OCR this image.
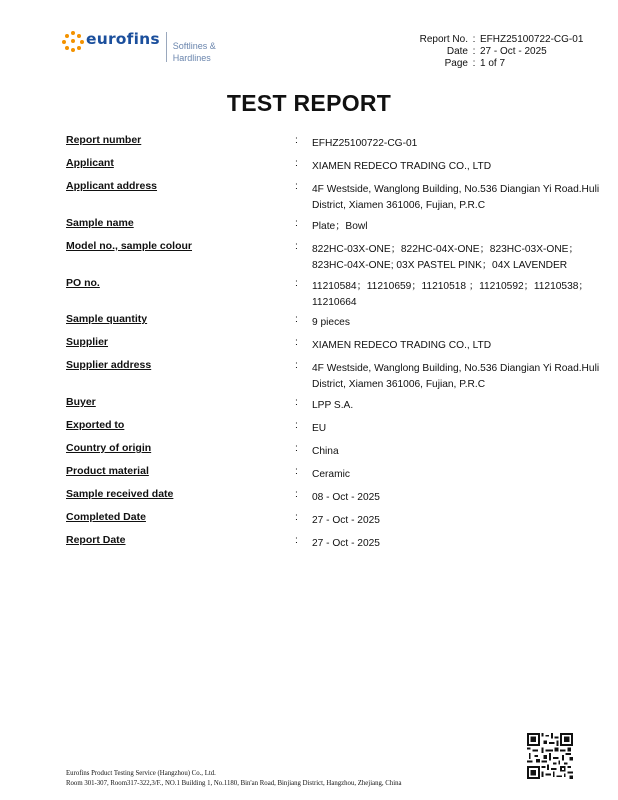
eurofins Softlines &
Hardlines
Report No. : EFHZ25100722-CG-01
Date : 27 - Oct - 2025
Page : 1 of 7
TEST REPORT
Report number	: EFHZ25100722-CG-01
Applicant	: XIAMEN REDECO TRADING CO., LTD
Applicant address	: 4F Westside, Wanglong Building, No.536 Diangian Yi Road.Huli District, Xiamen 361006, Fujian, P.R.C
Sample name	: Plate；Bowl
Model no., sample colour	: 822HC-03X-ONE；822HC-04X-ONE；823HC-03X-ONE；823HC-04X-ONE; 03X PASTEL PINK；04X LAVENDER
PO no.	: 11210584；11210659；11210518 ；11210592；11210538；11210664
Sample quantity	: 9 pieces
Supplier	: XIAMEN REDECO TRADING CO., LTD
Supplier address	: 4F Westside, Wanglong Building, No.536 Diangian Yi Road.Huli District, Xiamen 361006, Fujian, P.R.C
Buyer	: LPP S.A.
Exported to	: EU
Country of origin	: China
Product material	: Ceramic
Sample received date	: 08 - Oct - 2025
Completed Date	: 27 - Oct - 2025
Report Date	: 27 - Oct - 2025
Eurofins Product Testing Service (Hangzhou) Co., Ltd.
Room 301-307, Room317-322,3/F., NO.1 Building 1, No.1180, Bin'an Road, Binjiang District, Hangzhou, Zhejiang, China
